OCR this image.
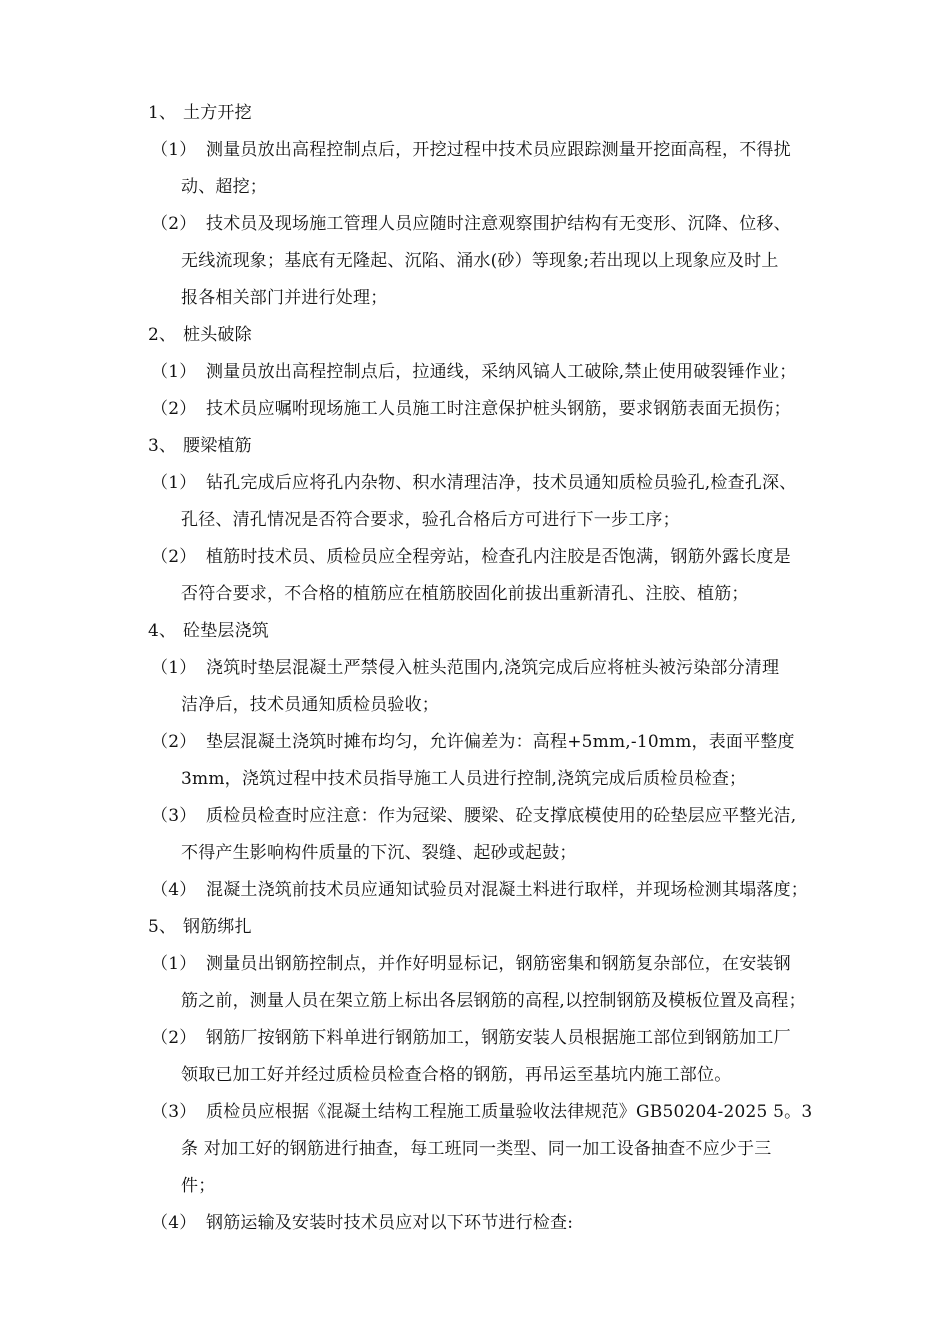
1、 土方开挖
（1） 测量员放出高程控制点后，开挖过程中技术员应跟踪测量开挖面高程，不得扰
动、超挖；
（2） 技术员及现场施工管理人员应随时注意观察围护结构有无变形、沉降、位移、
无线流现象；基底有无隆起、沉陷、涌水(砂）等现象;若出现以上现象应及时上
报各相关部门并进行处理；
2、 桩头破除
（1） 测量员放出高程控制点后，拉通线，采纳风镐人工破除,禁止使用破裂锤作业；
（2） 技术员应嘱咐现场施工人员施工时注意保护桩头钢筋，要求钢筋表面无损伤；
3、 腰梁植筋
（1） 钻孔完成后应将孔内杂物、积水清理洁净，技术员通知质检员验孔,检查孔深、
孔径、清孔情况是否符合要求，验孔合格后方可进行下一步工序；
（2） 植筋时技术员、质检员应全程旁站，检查孔内注胶是否饱满，钢筋外露长度是
否符合要求，不合格的植筋应在植筋胶固化前拔出重新清孔、注胶、植筋；
4、 砼垫层浇筑
（1） 浇筑时垫层混凝土严禁侵入桩头范围内,浇筑完成后应将桩头被污染部分清理
洁净后，技术员通知质检员验收；
（2） 垫层混凝土浇筑时摊布均匀，允许偏差为：高程+5mm,-10mm，表面平整度
3mm，浇筑过程中技术员指导施工人员进行控制,浇筑完成后质检员检查；
（3） 质检员检查时应注意：作为冠梁、腰梁、砼支撑底模使用的砼垫层应平整光洁,
不得产生影响构件质量的下沉、裂缝、起砂或起鼓；
（4） 混凝土浇筑前技术员应通知试验员对混凝土料进行取样，并现场检测其塌落度；
5、 钢筋绑扎
（1） 测量员出钢筋控制点，并作好明显标记，钢筋密集和钢筋复杂部位，在安装钢
筋之前，测量人员在架立筋上标出各层钢筋的高程,以控制钢筋及模板位置及高程；
（2） 钢筋厂按钢筋下料单进行钢筋加工，钢筋安装人员根据施工部位到钢筋加工厂
领取已加工好并经过质检员检查合格的钢筋，再吊运至基坑内施工部位。
（3） 质检员应根据《混凝土结构工程施工质量验收法律规范》GB50204-2025 5。3
条 对加工好的钢筋进行抽查，每工班同一类型、同一加工设备抽查不应少于三
件；
（4） 钢筋运输及安装时技术员应对以下环节进行检查:
